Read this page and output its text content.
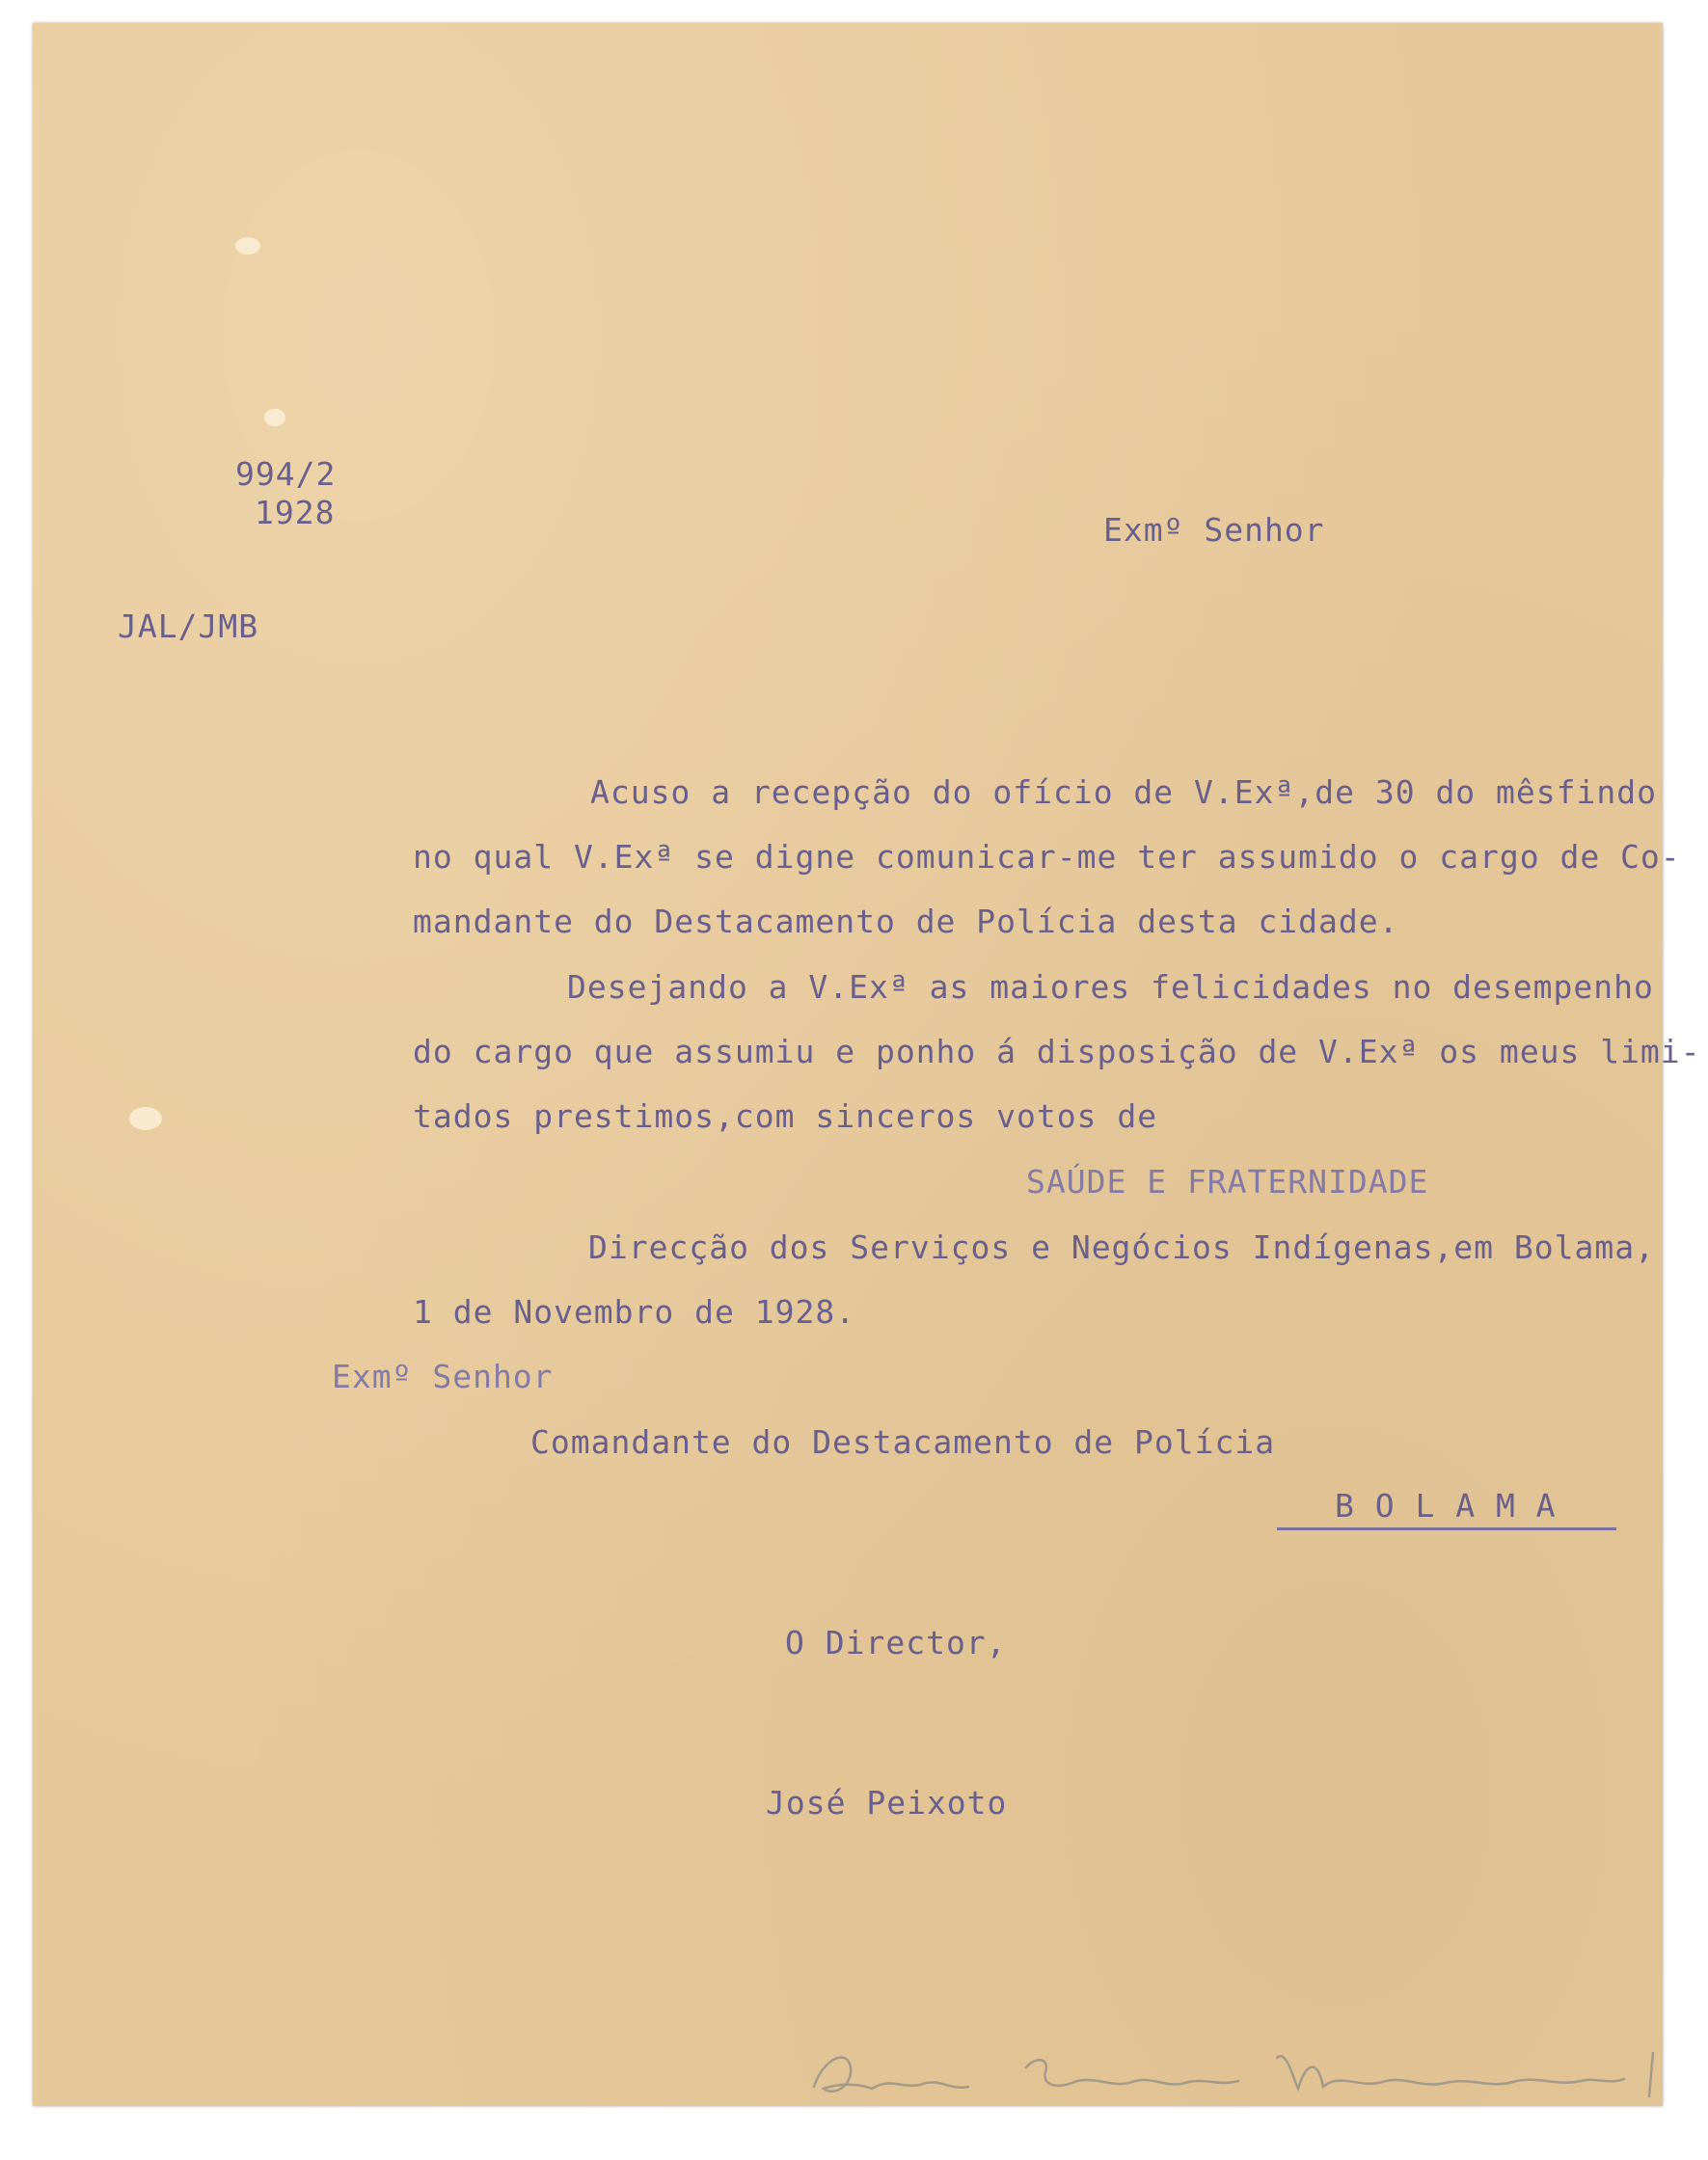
994/2
1928
JAL/JMB
Exmº Senhor
Acuso a recepção do ofício de V.Exª,de 30 do mêsfindo
no qual V.Exª se digne comunicar-me ter assumido o cargo de Co-
mandante do Destacamento de Polícia desta cidade.
Desejando a V.Exª as maiores felicidades no desempenho
do cargo que assumiu e ponho á disposição de V.Exª os meus limi-
tados prestimos,com sinceros votos de
SAÚDE E FRATERNIDADE
Direcção dos Serviços e Negócios Indígenas,em Bolama,
1 de Novembro de 1928.
Exmº Senhor
Comandante do Destacamento de Polícia
B O L A M A
O Director,
José Peixoto
